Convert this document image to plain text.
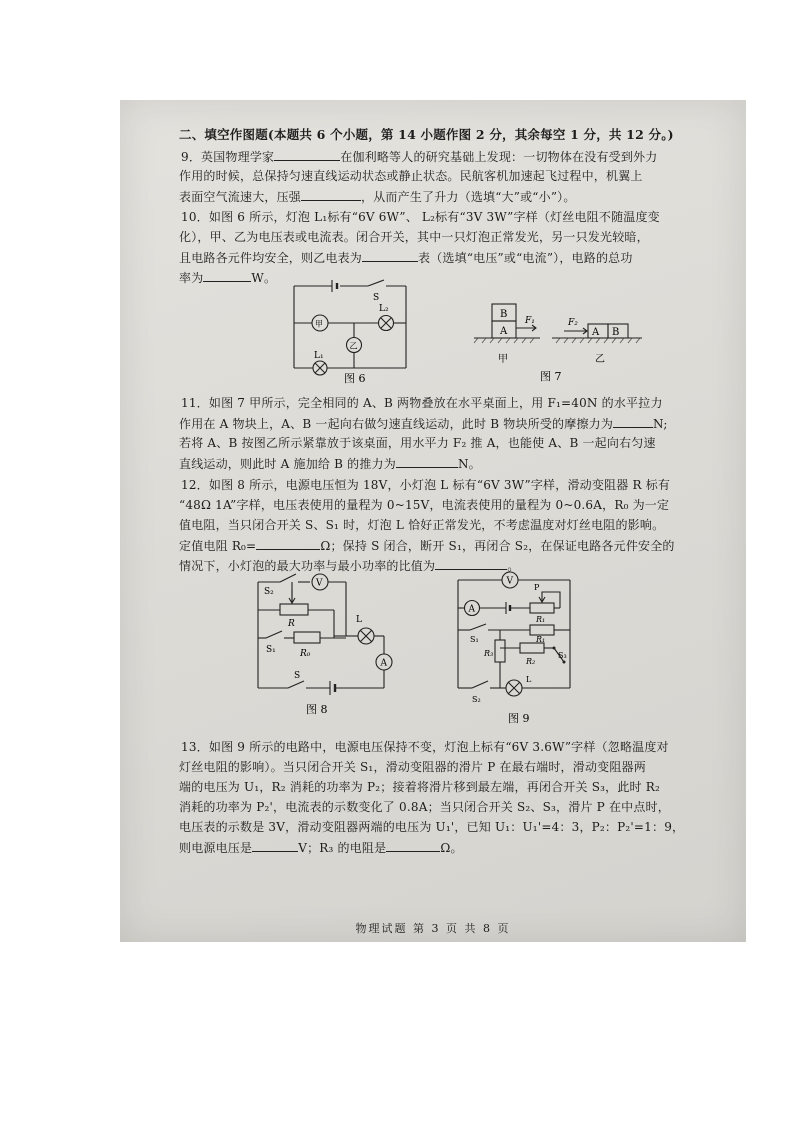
二、填空作图题(本题共 6 个小题，第 14 小题作图 2 分，其余每空 1 分，共 12 分。)
9．英国物理学家	在伽利略等人的研究基础上发现：一切物体在没有受到外力
作用的时候，总保持匀速直线运动状态或静止状态。民航客机加速起飞过程中，机翼上
表面空气流速大，压强	，从而产生了升力（选填“大”或“小”）。
10．如图 6 所示，灯泡 L₁标有“6V 6W”、 L₂标有“3V 3W”字样（灯丝电阻不随温度变
化），甲、乙为电压表或电流表。闭合开关，其中一只灯泡正常发光，另一只发光较暗，
且电路各元件均安全，则乙电表为	表（选填“电压”或“电流”），电路的总功
率为	W。
S
L₂
甲
乙
L₁
图 6
B
A
F₁
A B
F₂
甲	乙
图 7
11．如图 7 甲所示，完全相同的 A、B 两物叠放在水平桌面上，用 F₁=40N 的水平拉力
作用在 A 物块上，A、B 一起向右做匀速直线运动，此时 B 物块所受的摩擦力为	N;
若将 A、B 按图乙所示紧靠放于该桌面，用水平力 F₂ 推 A，也能使 A、B 一起向右匀速
直线运动，则此时 A 施加给 B 的推力为	N。
12．如图 8 所示，电源电压恒为 18V，小灯泡 L 标有“6V 3W”字样，滑动变阻器 R 标有
“48Ω 1A”字样，电压表使用的量程为 0~15V，电流表使用的量程为 0~0.6A，R₀ 为一定
值电阻，当只闭合开关 S、S₁ 时，灯泡 L 恰好正常发光，不考虑温度对灯丝电阻的影响。
定值电阻 R₀=	Ω；保持 S 闭合，断开 S₁，再闭合 S₂，在保证电路各元件安全的
情况下，小灯泡的最大功率与最小功率的比值为	。
V
S₂
R
S₁	R₀
L
A
S
图 8
V
A
P
R₁
S₁	R₁
R₃
R₂
S₃
L
S₂
图 9
13．如图 9 所示的电路中，电源电压保持不变，灯泡上标有“6V 3.6W”字样（忽略温度对
灯丝电阻的影响）。当只闭合开关 S₁，滑动变阻器的滑片 P 在最右端时，滑动变阻器两
端的电压为 U₁，R₂ 消耗的功率为 P₂；接着将滑片移到最左端，再闭合开关 S₃，此时 R₂
消耗的功率为 P₂'，电流表的示数变化了 0.8A；当只闭合开关 S₂、S₃，滑片 P 在中点时，
电压表的示数是 3V，滑动变阻器两端的电压为 U₁'，已知 U₁：U₁'=4：3，P₂：P₂'=1：9，
则电源电压是	V；R₃ 的电阻是	Ω。
物理试题 第 3 页 共 8 页
